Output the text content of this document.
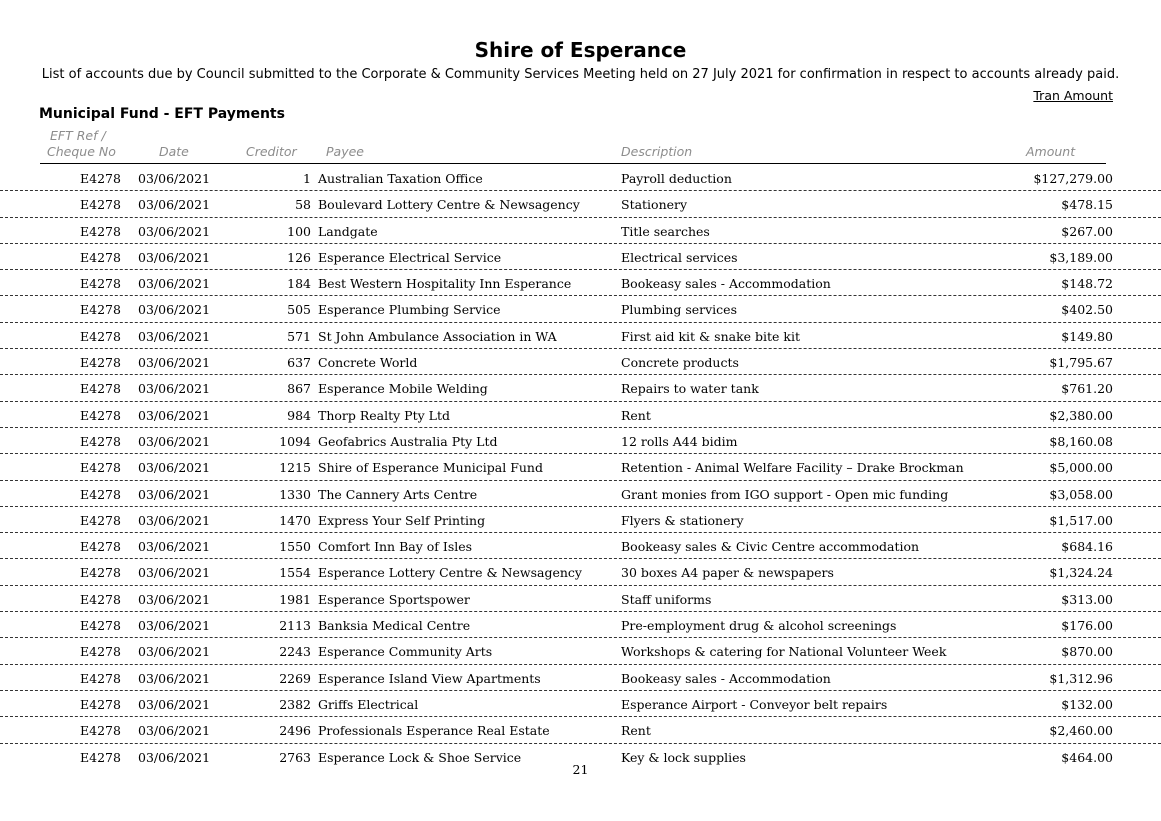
Shire of Esperance
List of accounts due by Council submitted to the Corporate & Community Services Meeting held on 27 July 2021 for confirmation in respect to accounts already paid.
Tran Amount
Municipal Fund - EFT Payments
EFT Ref /
Cheque No	Date	Creditor Payee	Description	Amount
E4278 03/06/2021	1 Australian Taxation Office	Payroll deduction	$127,279.00
E4278 03/06/2021	58 Boulevard Lottery Centre & Newsagency	Stationery	$478.15
E4278 03/06/2021	100 Landgate	Title searches	$267.00
E4278 03/06/2021	126 Esperance Electrical Service	Electrical services	$3,189.00
E4278 03/06/2021	184 Best Western Hospitality Inn Esperance	Bookeasy sales - Accommodation	$148.72
E4278 03/06/2021	505 Esperance Plumbing Service	Plumbing services	$402.50
E4278 03/06/2021	571 St John Ambulance Association in WA	First aid kit & snake bite kit	$149.80
E4278 03/06/2021	637 Concrete World	Concrete products	$1,795.67
E4278 03/06/2021	867 Esperance Mobile Welding	Repairs to water tank	$761.20
E4278 03/06/2021	984 Thorp Realty Pty Ltd	Rent	$2,380.00
E4278 03/06/2021	1094 Geofabrics Australia Pty Ltd	12 rolls A44 bidim	$8,160.08
E4278 03/06/2021	1215 Shire of Esperance Municipal Fund	Retention - Animal Welfare Facility – Drake Brockman	$5,000.00
E4278 03/06/2021	1330 The Cannery Arts Centre	Grant monies from IGO support - Open mic funding	$3,058.00
E4278 03/06/2021	1470 Express Your Self Printing	Flyers & stationery	$1,517.00
E4278 03/06/2021	1550 Comfort Inn Bay of Isles	Bookeasy sales & Civic Centre accommodation	$684.16
E4278 03/06/2021	1554 Esperance Lottery Centre & Newsagency	30 boxes A4 paper & newspapers	$1,324.24
E4278 03/06/2021	1981 Esperance Sportspower	Staff uniforms	$313.00
E4278 03/06/2021	2113 Banksia Medical Centre	Pre-employment drug & alcohol screenings	$176.00
E4278 03/06/2021	2243 Esperance Community Arts	Workshops & catering for National Volunteer Week	$870.00
E4278 03/06/2021	2269 Esperance Island View Apartments	Bookeasy sales - Accommodation	$1,312.96
E4278 03/06/2021	2382 Griffs Electrical	Esperance Airport - Conveyor belt repairs	$132.00
E4278 03/06/2021	2496 Professionals Esperance Real Estate	Rent	$2,460.00
E4278 03/06/2021	2763 Esperance Lock & Shoe Service	Key & lock supplies	$464.00
21
